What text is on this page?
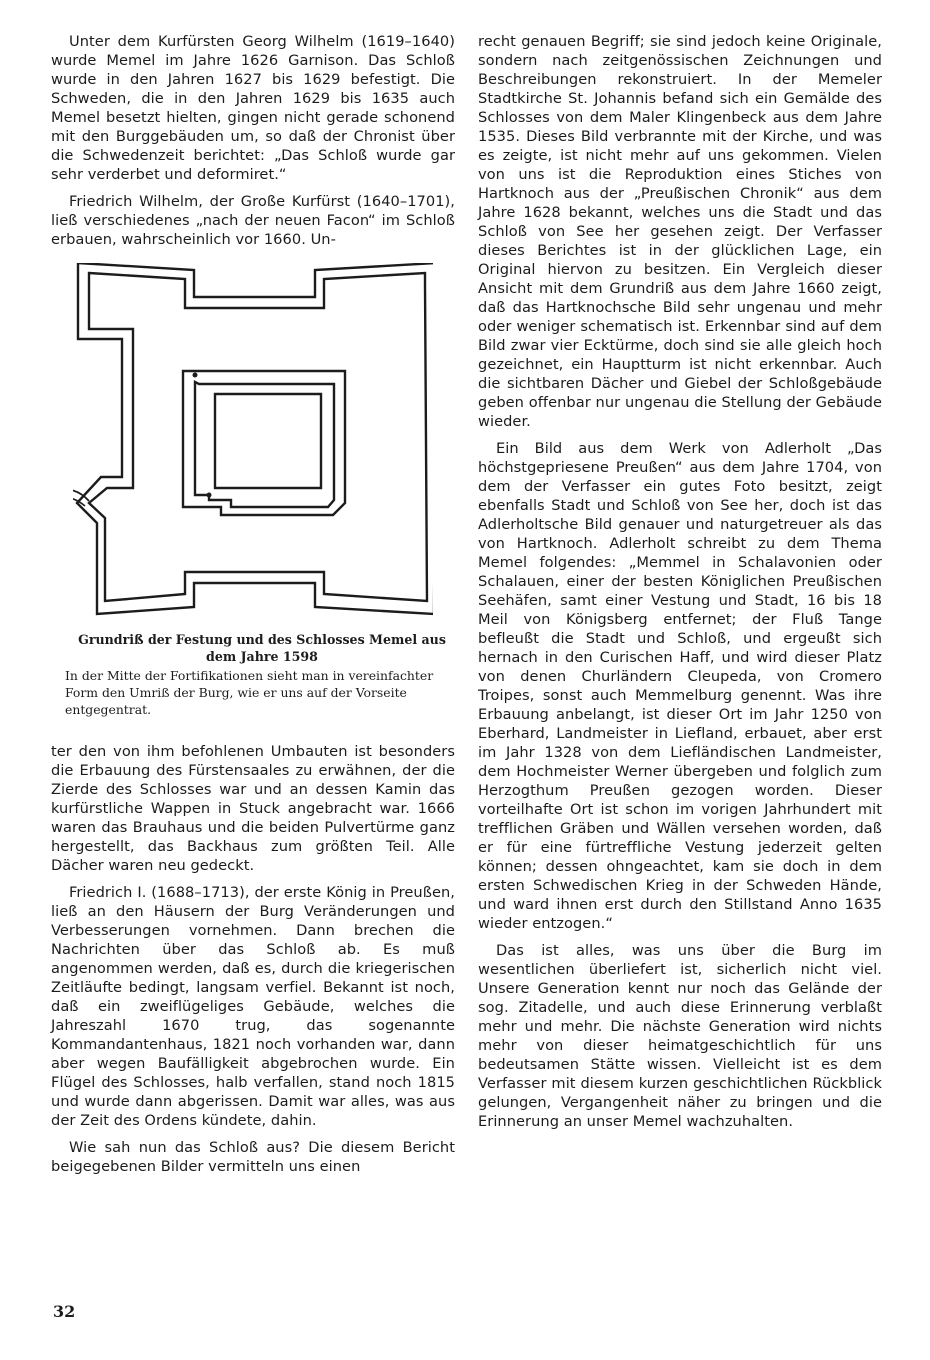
Unter dem Kurfürsten Georg Wilhelm (1619–1640) wurde Memel im Jahre 1626 Garnison. Das Schloß wurde in den Jahren 1627 bis 1629 befestigt. Die Schweden, die in den Jahren 1629 bis 1635 auch Memel besetzt hielten, gingen nicht gerade schonend mit den Burggebäuden um, so daß der Chronist über die Schwedenzeit berichtet: „Das Schloß wurde gar sehr verderbet und deformiret.“

Friedrich Wilhelm, der Große Kurfürst (1640–1701), ließ verschiedenes „nach der neuen Facon“ im Schloß erbauen, wahrscheinlich vor 1660. Un-

Grundriß der Festung und des Schlosses Memel aus dem Jahre 1598
In der Mitte der Fortifikationen sieht man in vereinfachter Form den Umriß der Burg, wie er uns auf der Vorseite entgegentrat.

ter den von ihm befohlenen Umbauten ist besonders die Erbauung des Fürstensaales zu erwähnen, der die Zierde des Schlosses war und an dessen Kamin das kurfürstliche Wappen in Stuck angebracht war. 1666 waren das Brauhaus und die beiden Pulvertürme ganz hergestellt, das Backhaus zum größten Teil. Alle Dächer waren neu gedeckt.

Friedrich I. (1688–1713), der erste König in Preußen, ließ an den Häusern der Burg Veränderungen und Verbesserungen vornehmen. Dann brechen die Nachrichten über das Schloß ab. Es muß angenommen werden, daß es, durch die kriegerischen Zeitläufte bedingt, langsam verfiel. Bekannt ist noch, daß ein zweiflügeliges Gebäude, welches die Jahreszahl 1670 trug, das sogenannte Kommandantenhaus, 1821 noch vorhanden war, dann aber wegen Baufälligkeit abgebrochen wurde. Ein Flügel des Schlosses, halb verfallen, stand noch 1815 und wurde dann abgerissen. Damit war alles, was aus der Zeit des Ordens kündete, dahin.

Wie sah nun das Schloß aus? Die diesem Bericht beigegebenen Bilder vermitteln uns einen

recht genauen Begriff; sie sind jedoch keine Originale, sondern nach zeitgenössischen Zeichnungen und Beschreibungen rekonstruiert. In der Memeler Stadtkirche St. Johannis befand sich ein Gemälde des Schlosses von dem Maler Klingenbeck aus dem Jahre 1535. Dieses Bild verbrannte mit der Kirche, und was es zeigte, ist nicht mehr auf uns gekommen. Vielen von uns ist die Reproduktion eines Stiches von Hartknoch aus der „Preußischen Chronik“ aus dem Jahre 1628 bekannt, welches uns die Stadt und das Schloß von See her gesehen zeigt. Der Verfasser dieses Berichtes ist in der glücklichen Lage, ein Original hiervon zu besitzen. Ein Vergleich dieser Ansicht mit dem Grundriß aus dem Jahre 1660 zeigt, daß das Hartknochsche Bild sehr ungenau und mehr oder weniger schematisch ist. Erkennbar sind auf dem Bild zwar vier Ecktürme, doch sind sie alle gleich hoch gezeichnet, ein Hauptturm ist nicht erkennbar. Auch die sichtbaren Dächer und Giebel der Schloßgebäude geben offenbar nur ungenau die Stellung der Gebäude wieder.

Ein Bild aus dem Werk von Adlerholt „Das höchstgepriesene Preußen“ aus dem Jahre 1704, von dem der Verfasser ein gutes Foto besitzt, zeigt ebenfalls Stadt und Schloß von See her, doch ist das Adlerholtsche Bild genauer und naturgetreuer als das von Hartknoch. Adlerholt schreibt zu dem Thema Memel folgendes: „Memmel in Schalavonien oder Schalauen, einer der besten Königlichen Preußischen Seehäfen, samt einer Vestung und Stadt, 16 bis 18 Meil von Königsberg entfernet; der Fluß Tange befleußt die Stadt und Schloß, und ergeußt sich hernach in den Curischen Haff, und wird dieser Platz von denen Churländern Cleupeda, von Cromero Troipes, sonst auch Memmelburg genennt. Was ihre Erbauung anbelangt, ist dieser Ort im Jahr 1250 von Eberhard, Landmeister in Liefland, erbauet, aber erst im Jahr 1328 von dem Liefländischen Landmeister, dem Hochmeister Werner übergeben und folglich zum Herzogthum Preußen gezogen worden. Dieser vorteilhafte Ort ist schon im vorigen Jahrhundert mit trefflichen Gräben und Wällen versehen worden, daß er für eine fürtreffliche Vestung jederzeit gelten können; dessen ohngeachtet, kam sie doch in dem ersten Schwedischen Krieg in der Schweden Hände, und ward ihnen erst durch den Stillstand Anno 1635 wieder entzogen.“

Das ist alles, was uns über die Burg im wesentlichen überliefert ist, sicherlich nicht viel. Unsere Generation kennt nur noch das Gelände der sog. Zitadelle, und auch diese Erinnerung verblaßt mehr und mehr. Die nächste Generation wird nichts mehr von dieser heimatgeschichtlich für uns bedeutsamen Stätte wissen. Vielleicht ist es dem Verfasser mit diesem kurzen geschichtlichen Rückblick gelungen, Vergangenheit näher zu bringen und die Erinnerung an unser Memel wachzuhalten.

32
